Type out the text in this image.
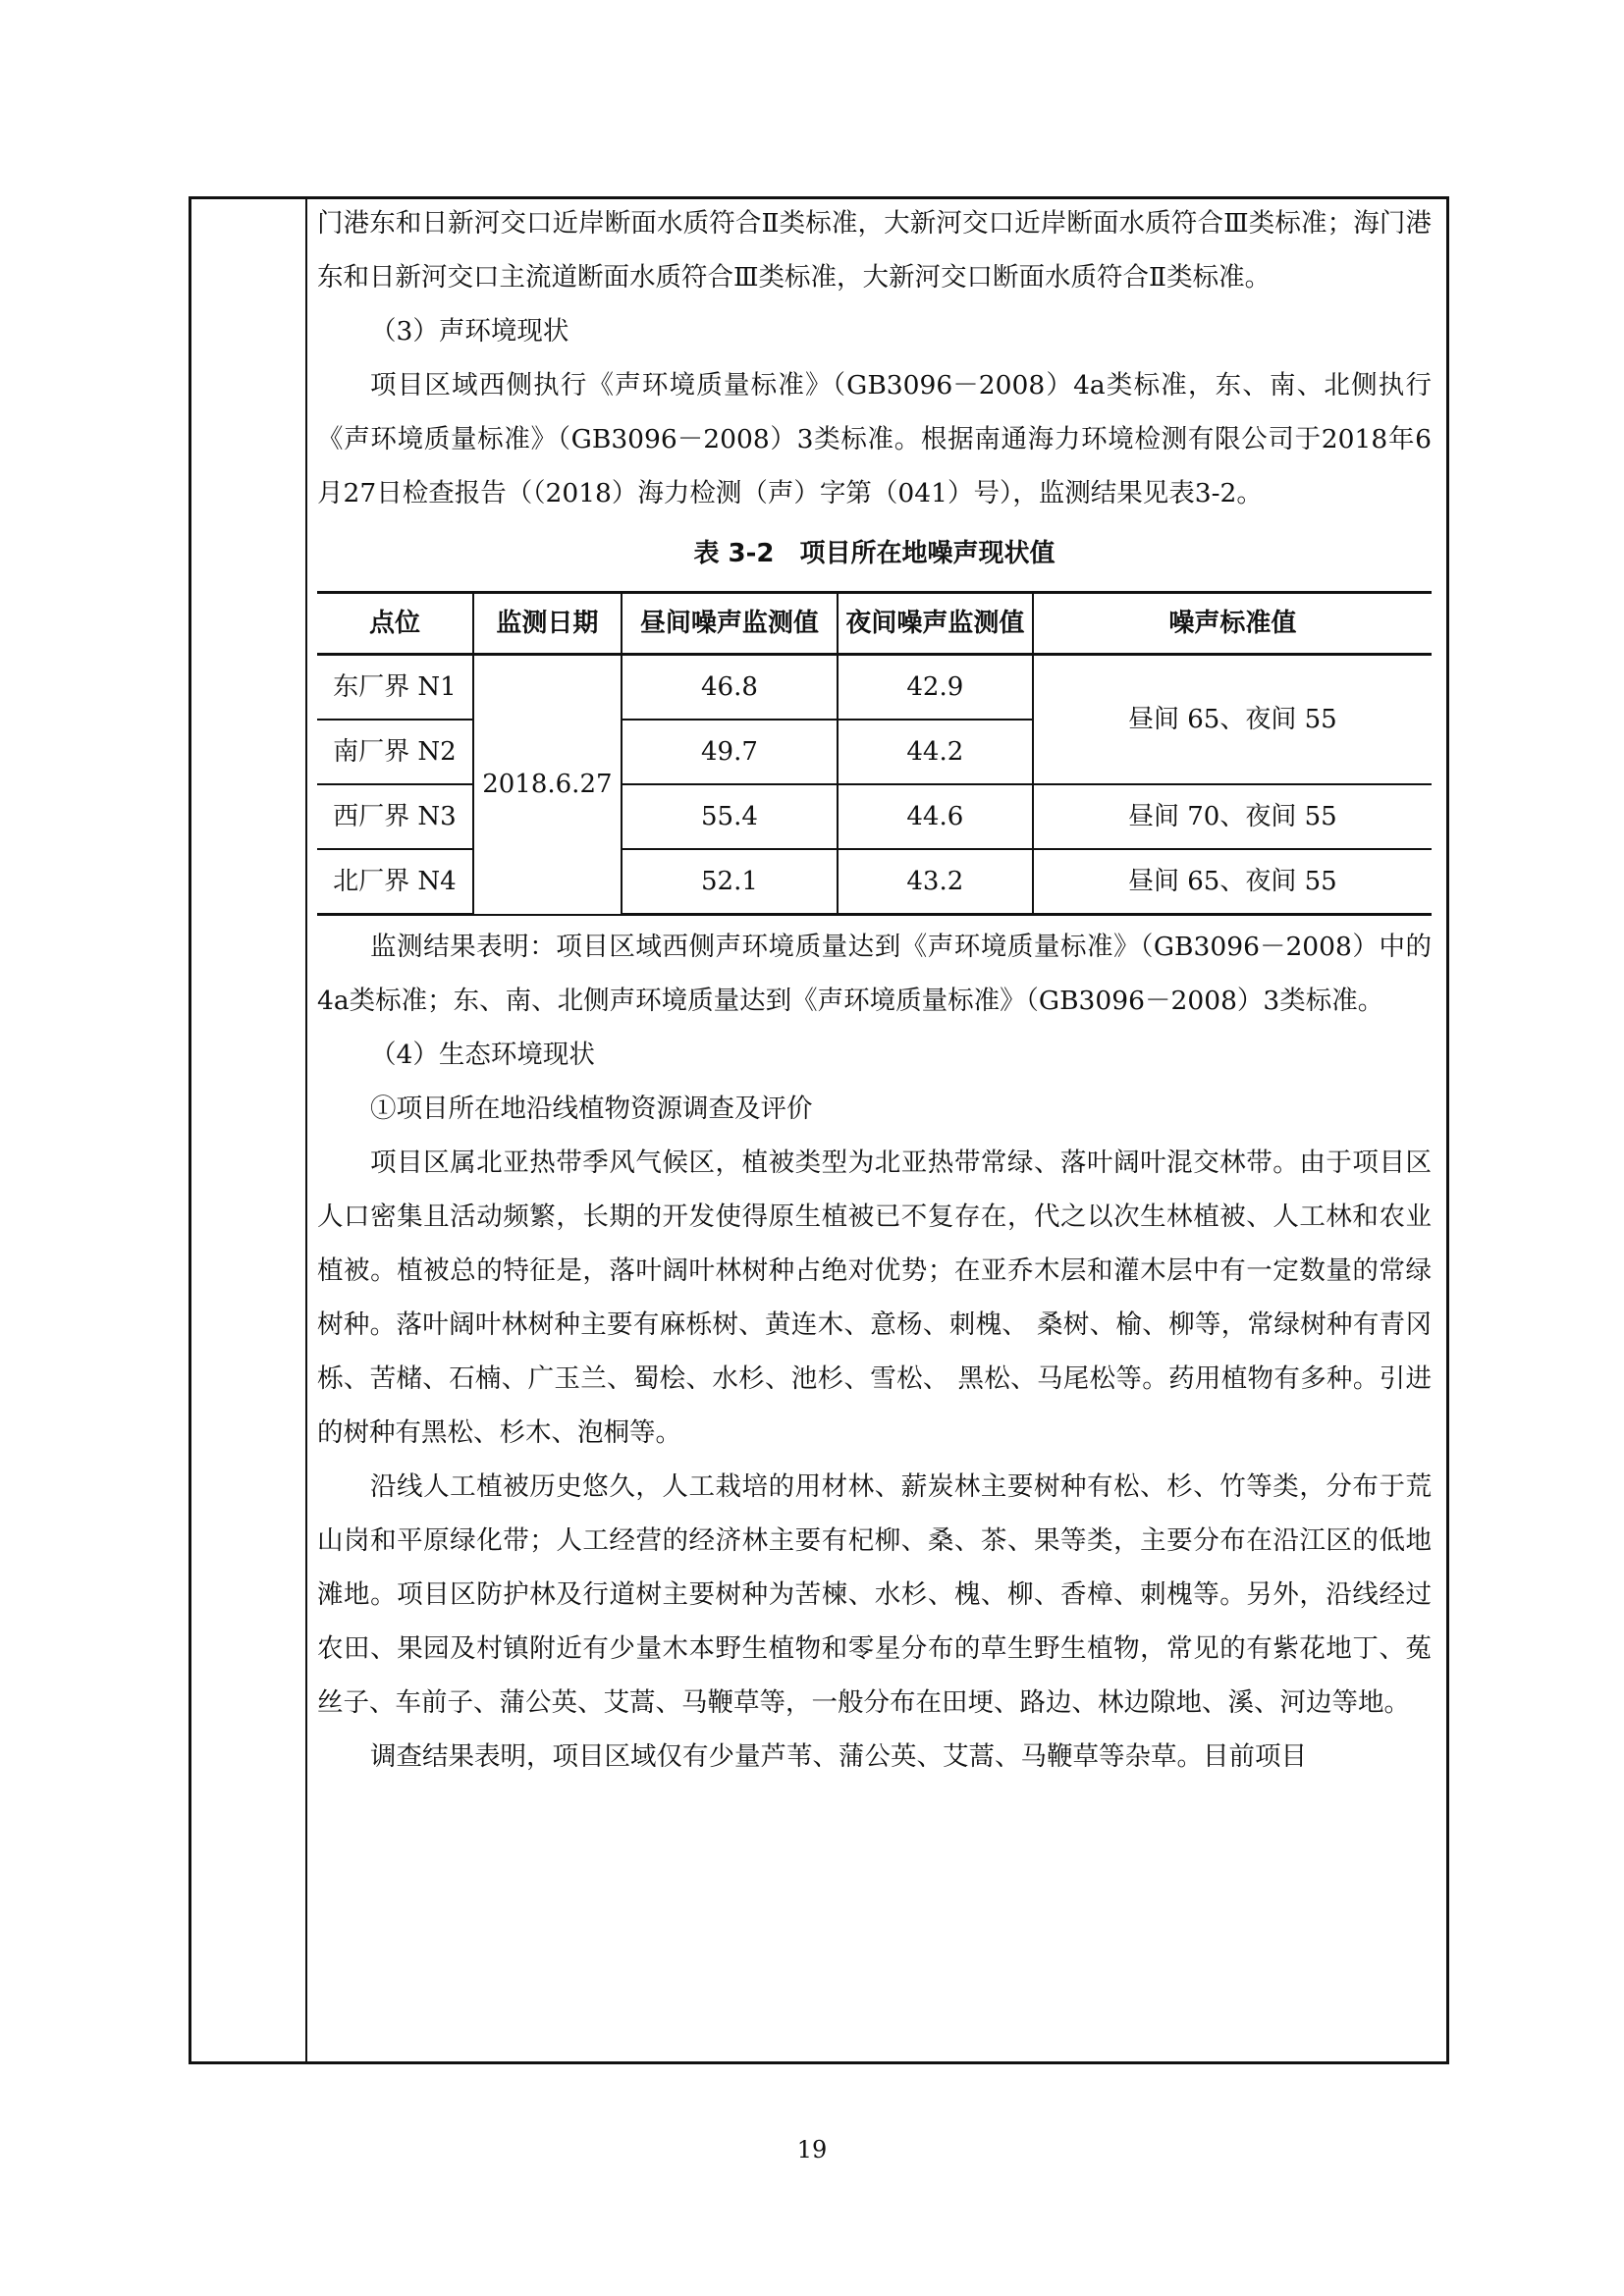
门港东和日新河交口近岸断面水质符合Ⅱ类标准，大新河交口近岸断面水质符合Ⅲ类标准；海门港东和日新河交口主流道断面水质符合Ⅲ类标准，大新河交口断面水质符合Ⅱ类标准。

（3）声环境现状

项目区域西侧执行《声环境质量标准》（GB3096－2008）4a类标准，东、南、北侧执行《声环境质量标准》（GB3096－2008）3类标准。根据南通海力环境检测有限公司于2018年6月27日检查报告（（2018）海力检测（声）字第（041）号），监测结果见表3-2。

表 3-2　项目所在地噪声现状值
点位	监测日期	昼间噪声监测值	夜间噪声监测值	噪声标准值
东厂界 N1	2018.6.27	46.8	42.9	昼间 65、夜间 55
南厂界 N2		49.7	44.2	
西厂界 N3		55.4	44.6	昼间 70、夜间 55
北厂界 N4		52.1	43.2	昼间 65、夜间 55

监测结果表明：项目区域西侧声环境质量达到《声环境质量标准》（GB3096－2008）中的4a类标准；东、南、北侧声环境质量达到《声环境质量标准》（GB3096－2008）3类标准。

（4）生态环境现状

①项目所在地沿线植物资源调查及评价

项目区属北亚热带季风气候区，植被类型为北亚热带常绿、落叶阔叶混交林带。由于项目区人口密集且活动频繁，长期的开发使得原生植被已不复存在，代之以次生林植被、人工林和农业植被。植被总的特征是，落叶阔叶林树种占绝对优势；在亚乔木层和灌木层中有一定数量的常绿树种。落叶阔叶林树种主要有麻栎树、黄连木、意杨、刺槐、 桑树、榆、柳等，常绿树种有青冈栎、苦槠、石楠、广玉兰、蜀桧、水杉、池杉、雪松、 黑松、马尾松等。药用植物有多种。引进的树种有黑松、杉木、泡桐等。

沿线人工植被历史悠久，人工栽培的用材林、薪炭林主要树种有松、杉、竹等类，分布于荒山岗和平原绿化带；人工经营的经济林主要有杞柳、桑、茶、果等类，主要分布在沿江区的低地滩地。项目区防护林及行道树主要树种为苦楝、水杉、槐、柳、香樟、刺槐等。另外，沿线经过农田、果园及村镇附近有少量木本野生植物和零星分布的草生野生植物，常见的有紫花地丁、菟丝子、车前子、蒲公英、艾蒿、马鞭草等，一般分布在田埂、路边、林边隙地、溪、河边等地。

调查结果表明，项目区域仅有少量芦苇、蒲公英、艾蒿、马鞭草等杂草。目前项目

19
